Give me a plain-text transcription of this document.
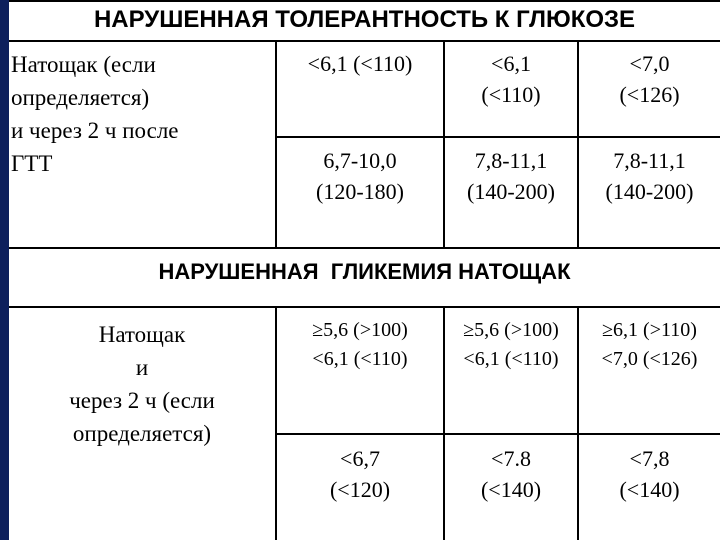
НАРУШЕННАЯ ТОЛЕРАНТНОСТЬ К ГЛЮКОЗЕ
Натощак (если
определяется)
и через 2 ч после
ГТТ
<6,1 (<110)	<6,1
(<110)
<7,0
(<126)
6,7-10,0
(120-180)
7,8-11,1
(140-200)
7,8-11,1
(140-200)
НАРУШЕННАЯ  ГЛИКЕМИЯ НАТОЩАК
Натощак
и
через 2 ч (если
определяется)
≥5,6 (>100)
<6,1 (<110)
≥5,6 (>100)
<6,1 (<110)
≥6,1 (>110)
<7,0 (<126)
<6,7
(<120)
<7.8
(<140)
<7,8
(<140)
